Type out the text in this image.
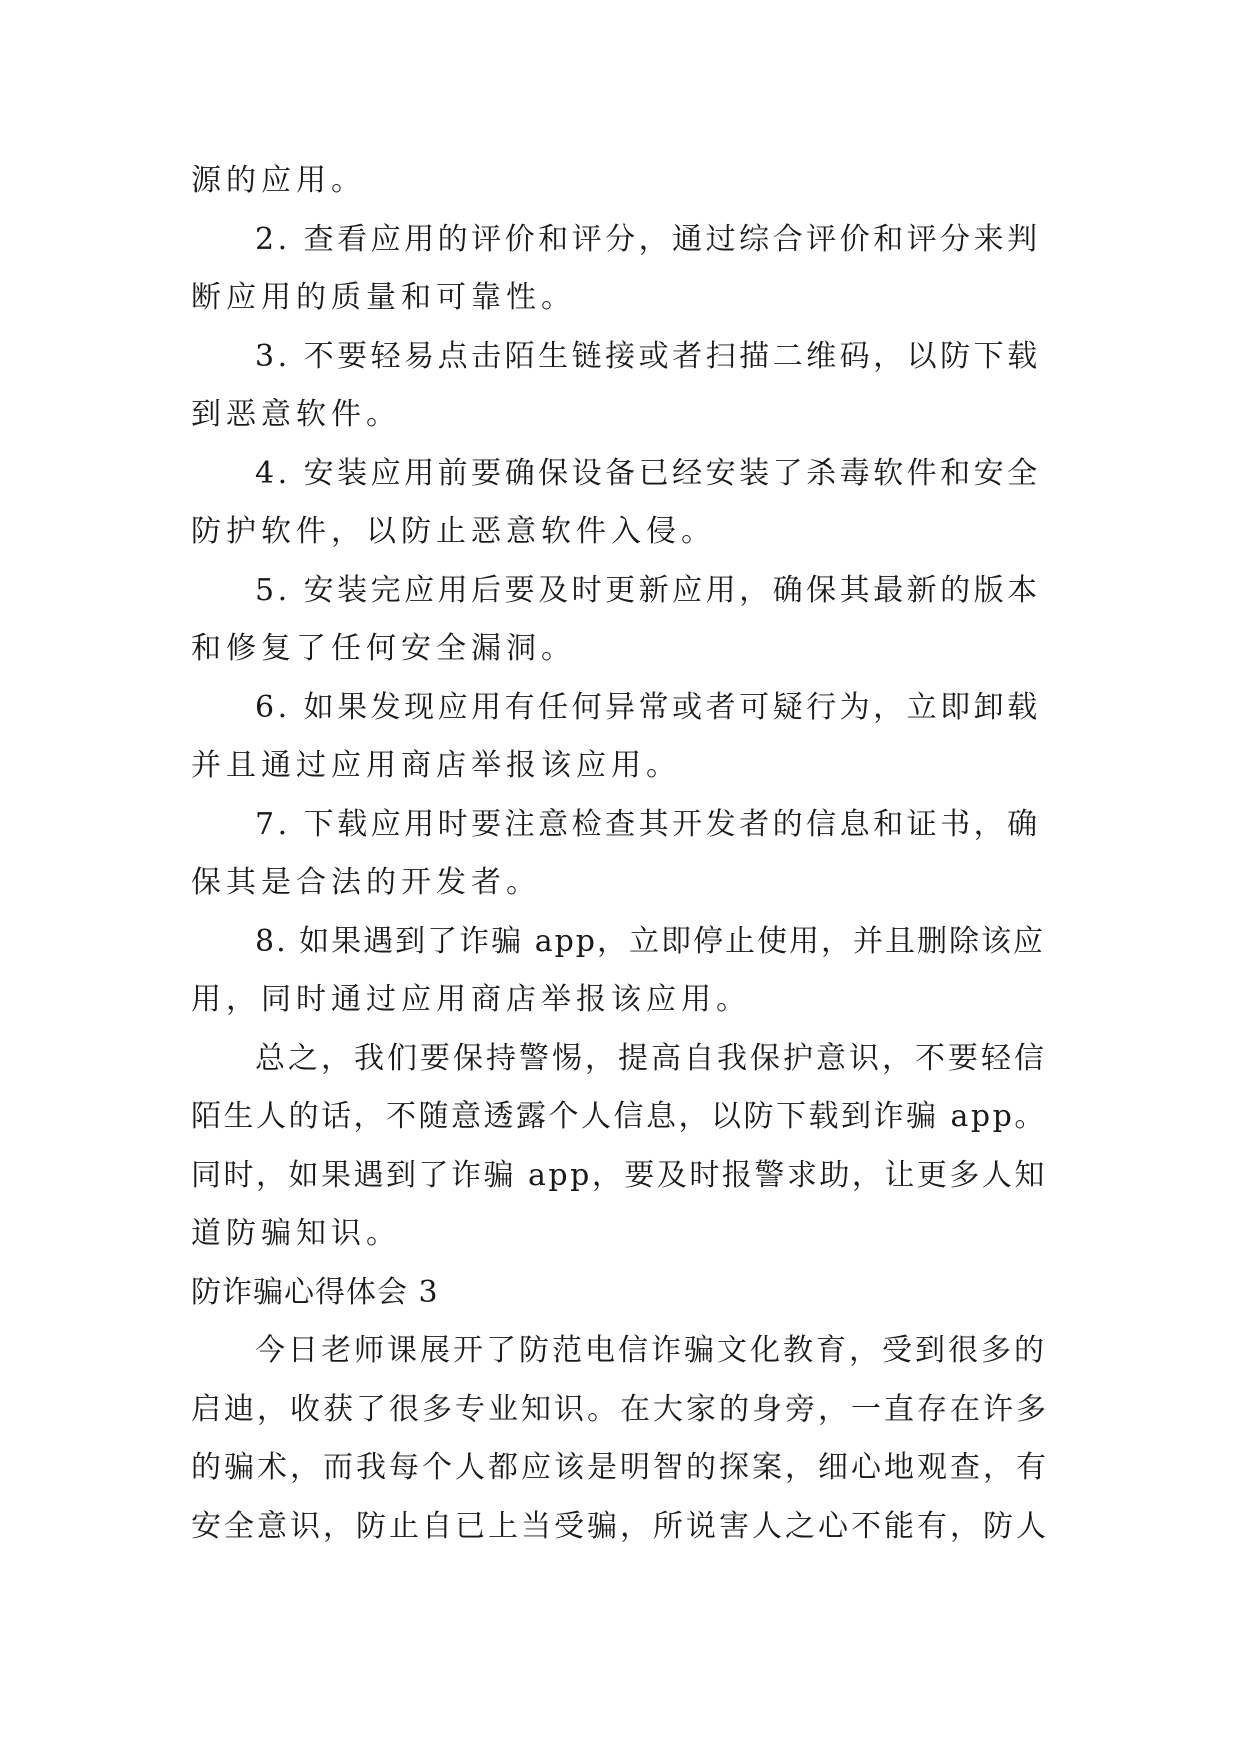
源的应用。
2. 查看应用的评价和评分，通过综合评价和评分来判
断应用的质量和可靠性。
3. 不要轻易点击陌生链接或者扫描二维码，以防下载
到恶意软件。
4. 安装应用前要确保设备已经安装了杀毒软件和安全
防护软件，以防止恶意软件入侵。
5. 安装完应用后要及时更新应用，确保其最新的版本
和修复了任何安全漏洞。
6. 如果发现应用有任何异常或者可疑行为，立即卸载
并且通过应用商店举报该应用。
7. 下载应用时要注意检查其开发者的信息和证书，确
保其是合法的开发者。
8. 如果遇到了诈骗 app，立即停止使用，并且删除该应
用，同时通过应用商店举报该应用。
总之，我们要保持警惕，提高自我保护意识，不要轻信
陌生人的话，不随意透露个人信息，以防下载到诈骗 app。
同时，如果遇到了诈骗 app，要及时报警求助，让更多人知
道防骗知识。
防诈骗心得体会 3
今日老师课展开了防范电信诈骗文化教育，受到很多的
启迪，收获了很多专业知识。在大家的身旁，一直存在许多
的骗术，而我每个人都应该是明智的探案，细心地观查，有
安全意识，防止自已上当受骗，所说害人之心不能有，防人
